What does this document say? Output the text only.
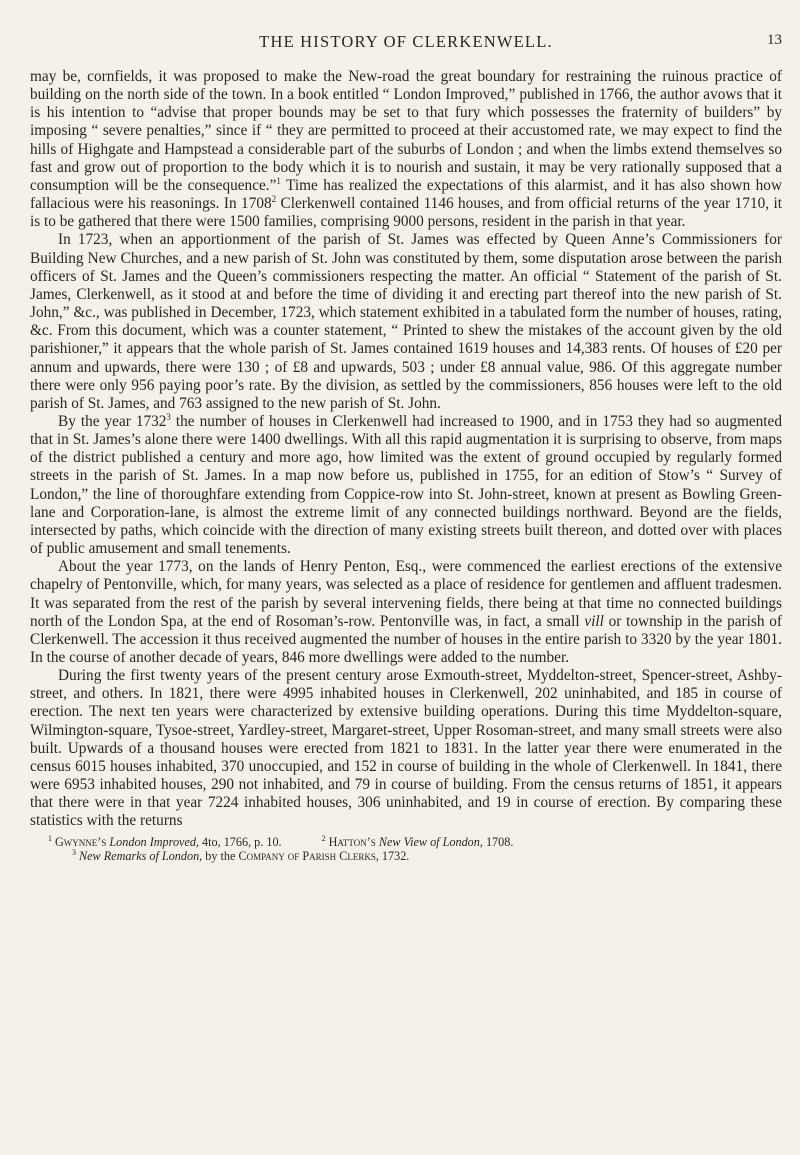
THE HISTORY OF CLERKENWELL.	13

may be, cornfields, it was proposed to make the New-road the great boundary for restraining the ruinous practice of building on the north side of the town. In a book entitled “ London Improved,” published in 1766, the author avows that it is his intention to “advise that proper bounds may be set to that fury which possesses the fraternity of builders” by imposing “ severe penalties,” since if “ they are permitted to proceed at their accustomed rate, we may expect to find the hills of Highgate and Hampstead a considerable part of the suburbs of London ; and when the limbs extend themselves so fast and grow out of proportion to the body which it is to nourish and sustain, it may be very rationally supposed that a consumption will be the consequence.”$^1$ Time has realized the expectations of this alarmist, and it has also shown how fallacious were his reasonings. In 1708$^2$ Clerkenwell contained 1146 houses, and from official returns of the year 1710, it is to be gathered that there were 1500 families, comprising 9000 persons, resident in the parish in that year.

In 1723, when an apportionment of the parish of St. James was effected by Queen Anne’s Commissioners for Building New Churches, and a new parish of St. John was constituted by them, some disputation arose between the parish officers of St. James and the Queen’s commissioners respecting the matter. An official “ Statement of the parish of St. James, Clerkenwell, as it stood at and before the time of dividing it and erecting part thereof into the new parish of St. John,” &c., was published in December, 1723, which statement exhibited in a tabulated form the number of houses, rating, &c. From this document, which was a counter statement, “ Printed to shew the mistakes of the account given by the old parishioner,” it appears that the whole parish of St. James contained 1619 houses and 14,383 rents. Of houses of £20 per annum and upwards, there were 130 ; of £8 and upwards, 503 ; under £8 annual value, 986. Of this aggregate number there were only 956 paying poor’s rate. By the division, as settled by the commissioners, 856 houses were left to the old parish of St. James, and 763 assigned to the new parish of St. John.

By the year 1732$^3$ the number of houses in Clerkenwell had increased to 1900, and in 1753 they had so augmented that in St. James’s alone there were 1400 dwellings. With all this rapid augmentation it is surprising to observe, from maps of the district published a century and more ago, how limited was the extent of ground occupied by regularly formed streets in the parish of St. James. In a map now before us, published in 1755, for an edition of Stow’s “ Survey of London,” the line of thoroughfare extending from Coppice-row into St. John-street, known at present as Bowling Green-lane and Corporation-lane, is almost the extreme limit of any connected buildings northward. Beyond are the fields, intersected by paths, which coincide with the direction of many existing streets built thereon, and dotted over with places of public amusement and small tenements.

About the year 1773, on the lands of Henry Penton, Esq., were commenced the earliest erections of the extensive chapelry of Pentonville, which, for many years, was selected as a place of residence for gentlemen and affluent tradesmen. It was separated from the rest of the parish by several intervening fields, there being at that time no connected buildings north of the London Spa, at the end of Rosoman’s-row. Pentonville was, in fact, a small vill or township in the parish of Clerkenwell. The accession it thus received augmented the number of houses in the entire parish to 3320 by the year 1801. In the course of another decade of years, 846 more dwellings were added to the number.

During the first twenty years of the present century arose Exmouth-street, Myddelton-street, Spencer-street, Ashby-street, and others. In 1821, there were 4995 inhabited houses in Clerkenwell, 202 uninhabited, and 185 in course of erection. The next ten years were characterized by extensive building operations. During this time Myddelton-square, Wilmington-square, Tysoe-street, Yardley-street, Margaret-street, Upper Rosoman-street, and many small streets were also built. Upwards of a thousand houses were erected from 1821 to 1831. In the latter year there were enumerated in the census 6015 houses inhabited, 370 unoccupied, and 152 in course of building in the whole of Clerkenwell. In 1841, there were 6953 inhabited houses, 290 not inhabited, and 79 in course of building. From the census returns of 1851, it appears that there were in that year 7224 inhabited houses, 306 uninhabited, and 19 in course of erection. By comparing these statistics with the returns

$^1$ Gwynne’s London Improved, 4to, 1766, p. 10.	$^2$ Hatton’s New View of London, 1708.
$^3$ New Remarks of London, by the Company of Parish Clerks, 1732.
